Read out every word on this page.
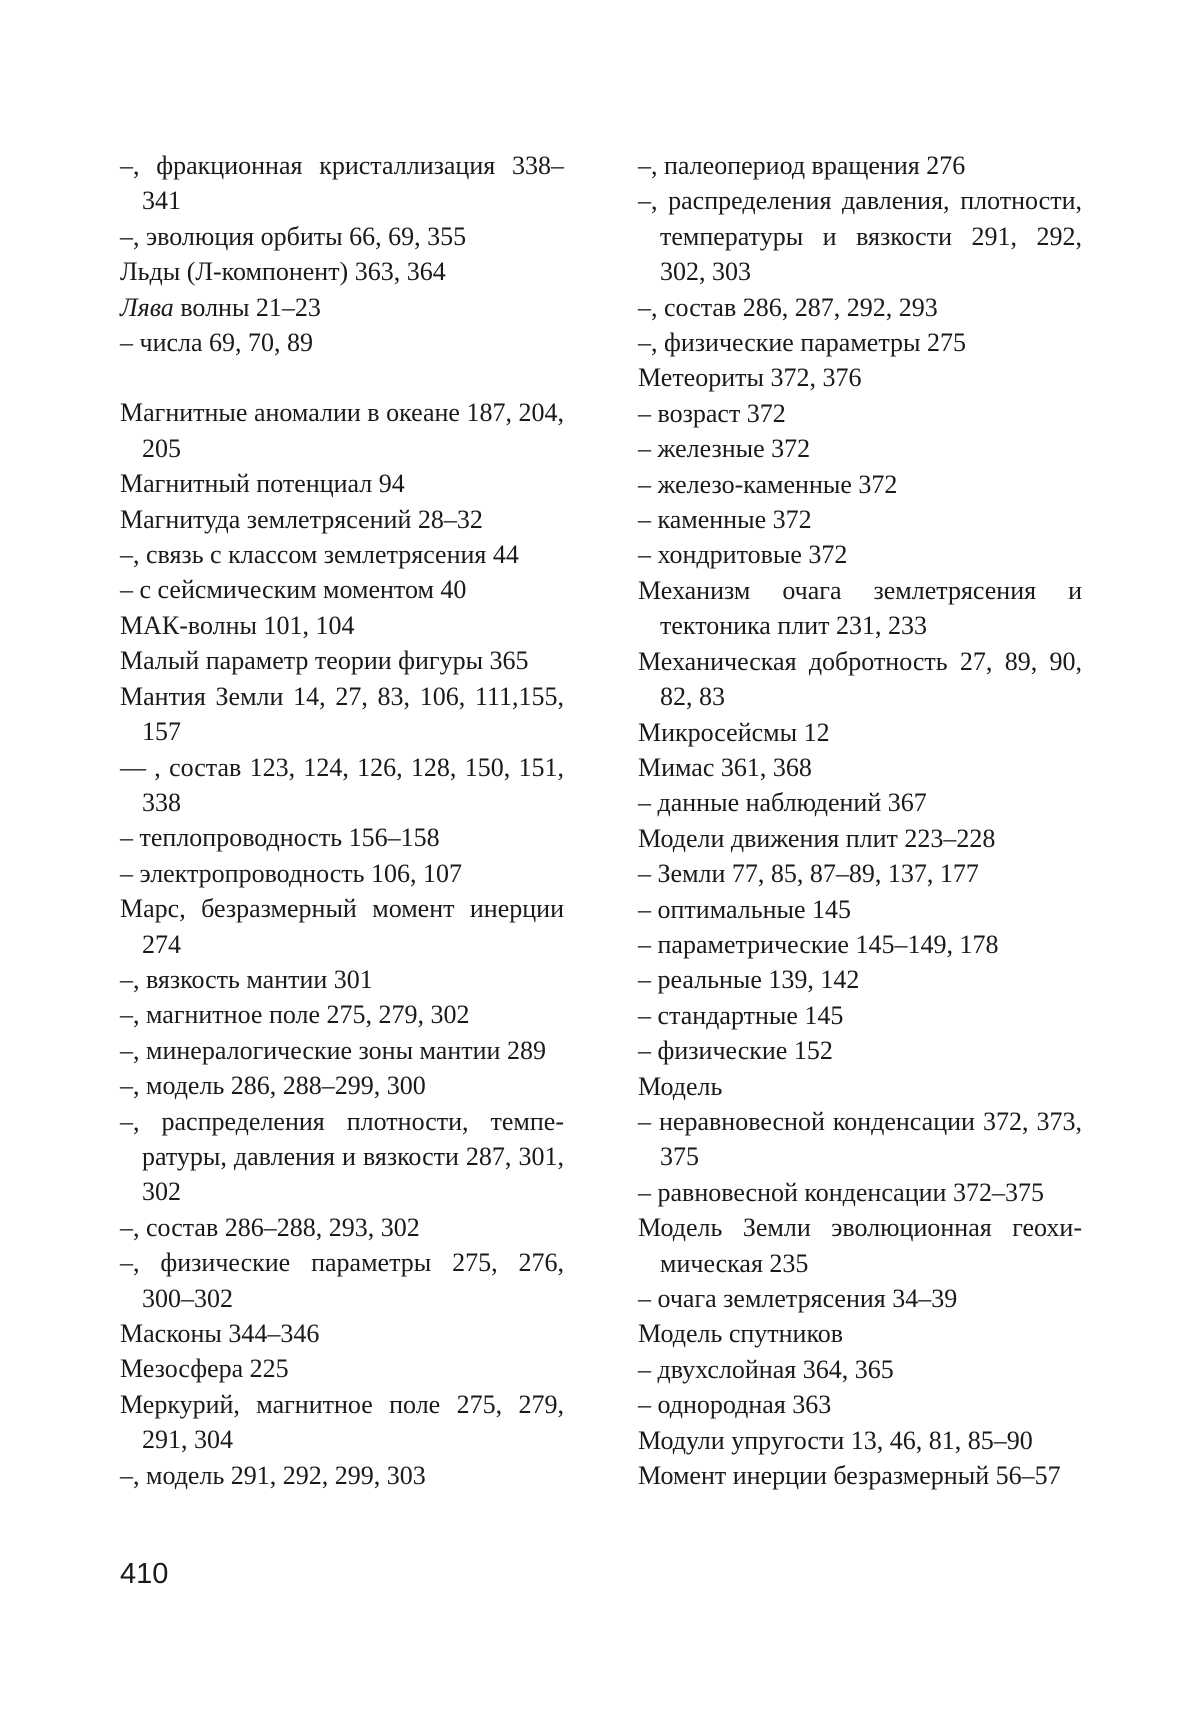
–, фракционная кристаллизация 338–341

–, эволюция орбиты 66, 69, 355

Льды (Л-компонент) 363, 364

Лява волны 21–23

– числа 69, 70, 89

Магнитные аномалии в океане 187, 204, 205

Магнитный потенциал 94

Магнитуда землетрясений 28–32

–, связь с классом землетрясения 44

– с сейсмическим моментом 40

МАК-волны 101, 104

Малый параметр теории фигуры 365

Мантия Земли 14, 27, 83, 106, 111,155, 157

— , состав 123, 124, 126, 128, 150, 151, 338

– теплопроводность 156–158

– электропроводность 106, 107

Марс, безразмерный момент инерции 274

–, вязкость мантии 301

–, магнитное поле 275, 279, 302

–, минералогические зоны мантии 289

–, модель 286, 288–299, 300

–, распределения плотности, температуры, давления и вязкости 287, 301, 302

–, состав 286–288, 293, 302

–, физические параметры 275, 276, 300–302

Масконы 344–346

Мезосфера 225

Меркурий, магнитное поле 275, 279, 291, 304

–, модель 291, 292, 299, 303

–, палеопериод вращения 276

–, распределения давления, плотности, температуры и вязкости 291, 292, 302, 303

–, состав 286, 287, 292, 293

–, физические параметры 275

Метеориты 372, 376

– возраст 372

– железные 372

– железо-каменные 372

– каменные 372

– хондритовые 372

Механизм очага землетрясения и тектоника плит 231, 233

Механическая добротность 27, 89, 90, 82, 83

Микросейсмы 12

Мимас 361, 368

– данные наблюдений 367

Модели движения плит 223–228

– Земли 77, 85, 87–89, 137, 177

– оптимальные 145

– параметрические 145–149, 178

– реальные 139, 142

– стандартные 145

– физические 152

Модель

– неравновесной конденсации 372, 373, 375

– равновесной конденсации 372–375

Модель Земли эволюционная геохимическая 235

– очага землетрясения 34–39

Модель спутников

– двухслойная 364, 365

– однородная 363

Модули упругости 13, 46, 81, 85–90

Момент инерции безразмерный 56–57

410
